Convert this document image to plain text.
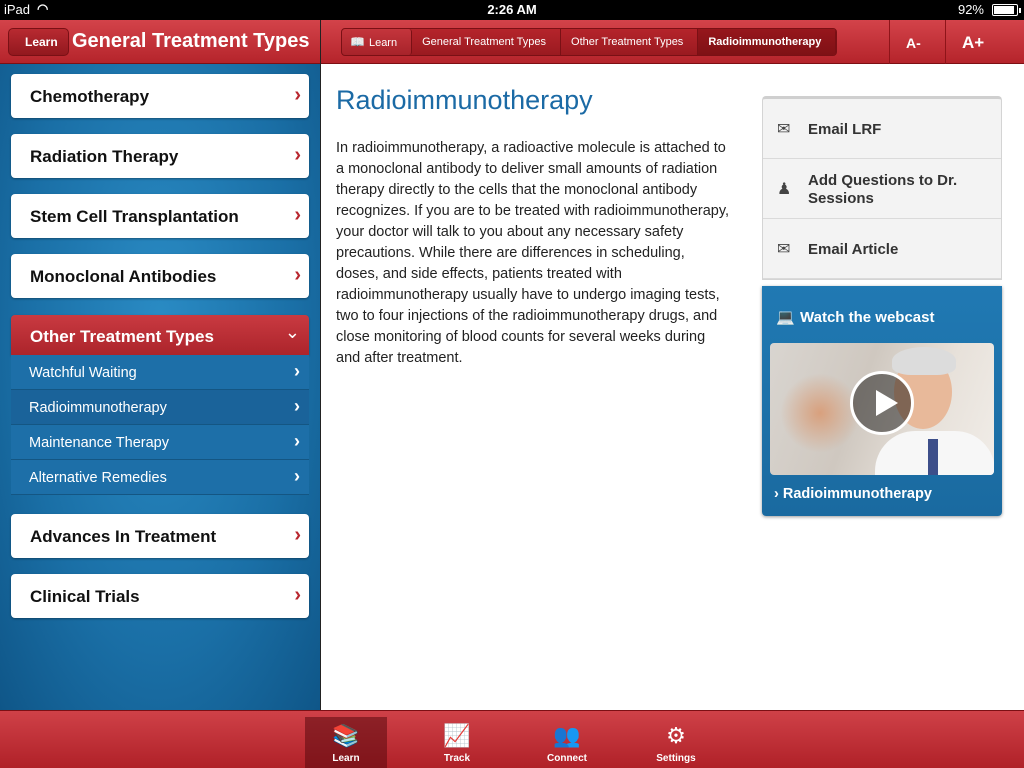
iPad ◠	2:26 AM	92%
Learn General Treatment Types	📖 Learn	General Treatment Types	Other Treatment Types	Radioimmunotherapy	A- A+
Chemotherapy	›
Radiation Therapy	›
Stem Cell Transplantation	›
Monoclonal Antibodies	›
Other Treatment Types	⌄
Watchful Waiting	›
Radioimmunotherapy	›
Maintenance Therapy	›
Alternative Remedies	›
Advances In Treatment	›
Clinical Trials	›
Radioimmunotherapy

In radioimmunotherapy, a radioactive molecule is attached to a monoclonal antibody to deliver small amounts of radiation therapy directly to the cells that the monoclonal antibody recognizes. If you are to be treated with radioimmunotherapy, your doctor will talk to you about any necessary safety precautions. While there are differences in scheduling, doses, and side effects, patients treated with radioimmunotherapy usually have to undergo imaging tests, two to four injections of the radioimmunotherapy drugs, and close monitoring of blood counts for several weeks during and after treatment.

✉ Email LRF
♟
Add Questions to Dr. Sessions
✉ Email Article
💻 Watch the webcast
› Radioimmunotherapy
📚
Learn
📈
Track
👥
Connect
⚙
Settings
